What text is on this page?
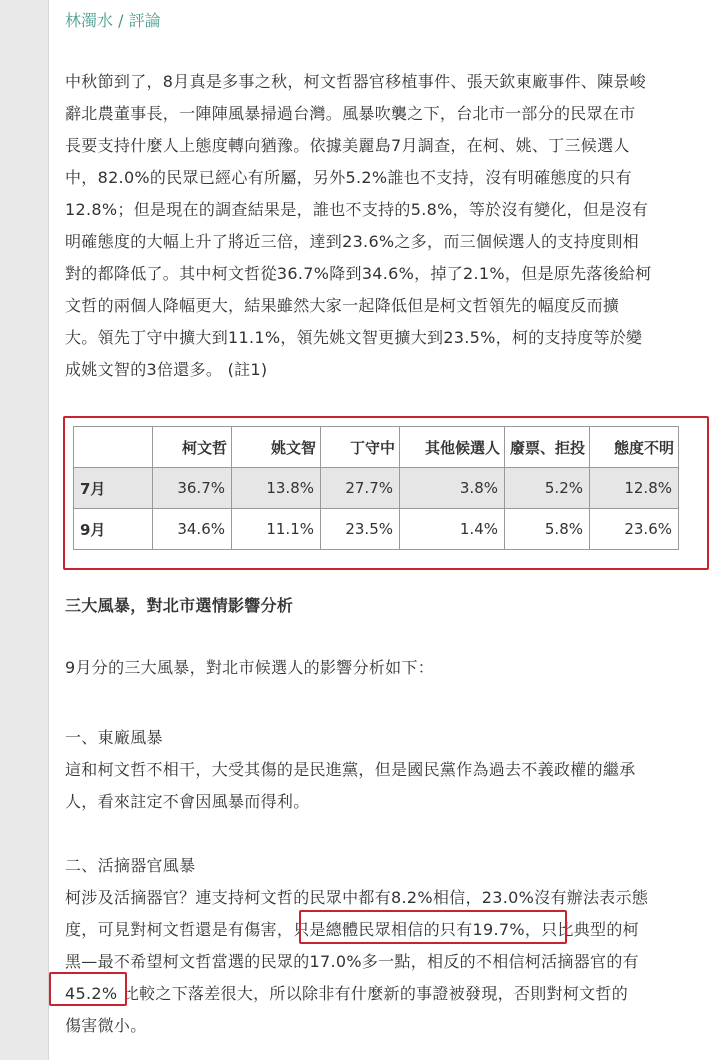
林濁水 / 評論
中秋節到了，8月真是多事之秋，柯文哲器官移植事件、張天欽東廠事件、陳景峻
辭北農董事長，一陣陣風暴掃過台灣。風暴吹襲之下，台北市一部分的民眾在市
長要支持什麼人上態度轉向猶豫。依據美麗島7月調查，在柯、姚、丁三候選人
中，82.0%的民眾已經心有所屬，另外5.2%誰也不支持，沒有明確態度的只有
12.8%；但是現在的調查結果是，誰也不支持的5.8%，等於沒有變化，但是沒有
明確態度的大幅上升了將近三倍，達到23.6%之多，而三個候選人的支持度則相
對的都降低了。其中柯文哲從36.7%降到34.6%，掉了2.1%，但是原先落後給柯
文哲的兩個人降幅更大，結果雖然大家一起降低但是柯文哲領先的幅度反而擴
大。領先丁守中擴大到11.1%，領先姚文智更擴大到23.5%，柯的支持度等於變
成姚文智的3倍還多。 (註1)
	柯文哲	姚文智	丁守中	其他候選人	廢票、拒投	態度不明
7月	36.7%	13.8%	27.7%	3.8%	5.2%	12.8%
9月	34.6%	11.1%	23.5%	1.4%	5.8%	23.6%
三大風暴，對北市選情影響分析
9月分的三大風暴，對北市候選人的影響分析如下：
一、東廠風暴
這和柯文哲不相干，大受其傷的是民進黨，但是國民黨作為過去不義政權的繼承
人，看來註定不會因風暴而得利。
二、活摘器官風暴
柯涉及活摘器官？連支持柯文哲的民眾中都有8.2%相信，23.0%沒有辦法表示態
度，可見對柯文哲還是有傷害，只是總體民眾相信的只有19.7%，只比典型的柯
黑—最不希望柯文哲當選的民眾的17.0%多一點，相反的不相信柯活摘器官的有
45.2% 比較之下落差很大，所以除非有什麼新的事證被發現，否則對柯文哲的
傷害微小。
